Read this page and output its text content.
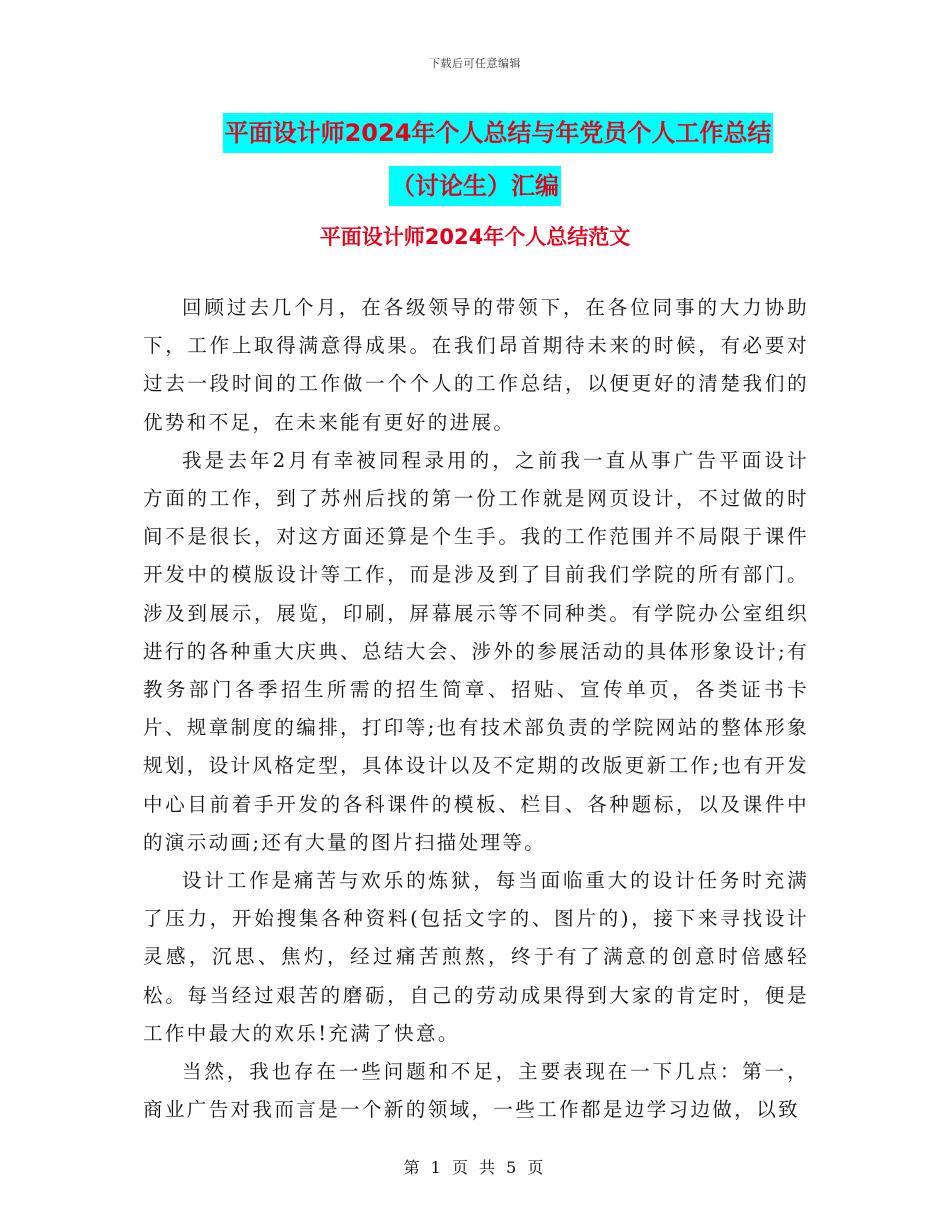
下载后可任意编辑
平面设计师2024年个人总结与年党员个人工作总结
（讨论生）汇编
平面设计师2024年个人总结范文

回顾过去几个月，在各级领导的带领下，在各位同事的大力协助下，工作上取得满意得成果。在我们昂首期待未来的时候，有必要对过去一段时间的工作做一个个人的工作总结，以便更好的清楚我们的优势和不足，在未来能有更好的进展。

我是去年2月有幸被同程录用的，之前我一直从事广告平面设计方面的工作，到了苏州后找的第一份工作就是网页设计，不过做的时间不是很长，对这方面还算是个生手。我的工作范围并不局限于课件开发中的模版设计等工作，而是涉及到了目前我们学院的所有部门。涉及到展示，展览，印刷，屏幕展示等不同种类。有学院办公室组织进行的各种重大庆典、总结大会、涉外的参展活动的具体形象设计;有教务部门各季招生所需的招生简章、招贴、宣传单页，各类证书卡片、规章制度的编排，打印等;也有技术部负责的学院网站的整体形象规划，设计风格定型，具体设计以及不定期的改版更新工作;也有开发中心目前着手开发的各科课件的模板、栏目、各种题标，以及课件中的演示动画;还有大量的图片扫描处理等。

设计工作是痛苦与欢乐的炼狱，每当面临重大的设计任务时充满了压力，开始搜集各种资料(包括文字的、图片的)，接下来寻找设计灵感，沉思、焦灼，经过痛苦煎熬，终于有了满意的创意时倍感轻松。每当经过艰苦的磨砺，自己的劳动成果得到大家的肯定时，便是工作中最大的欢乐!充满了快意。

当然，我也存在一些问题和不足，主要表现在一下几点：第一，商业广告对我而言是一个新的领域，一些工作都是边学习边做，以致

第 1 页 共 5 页
